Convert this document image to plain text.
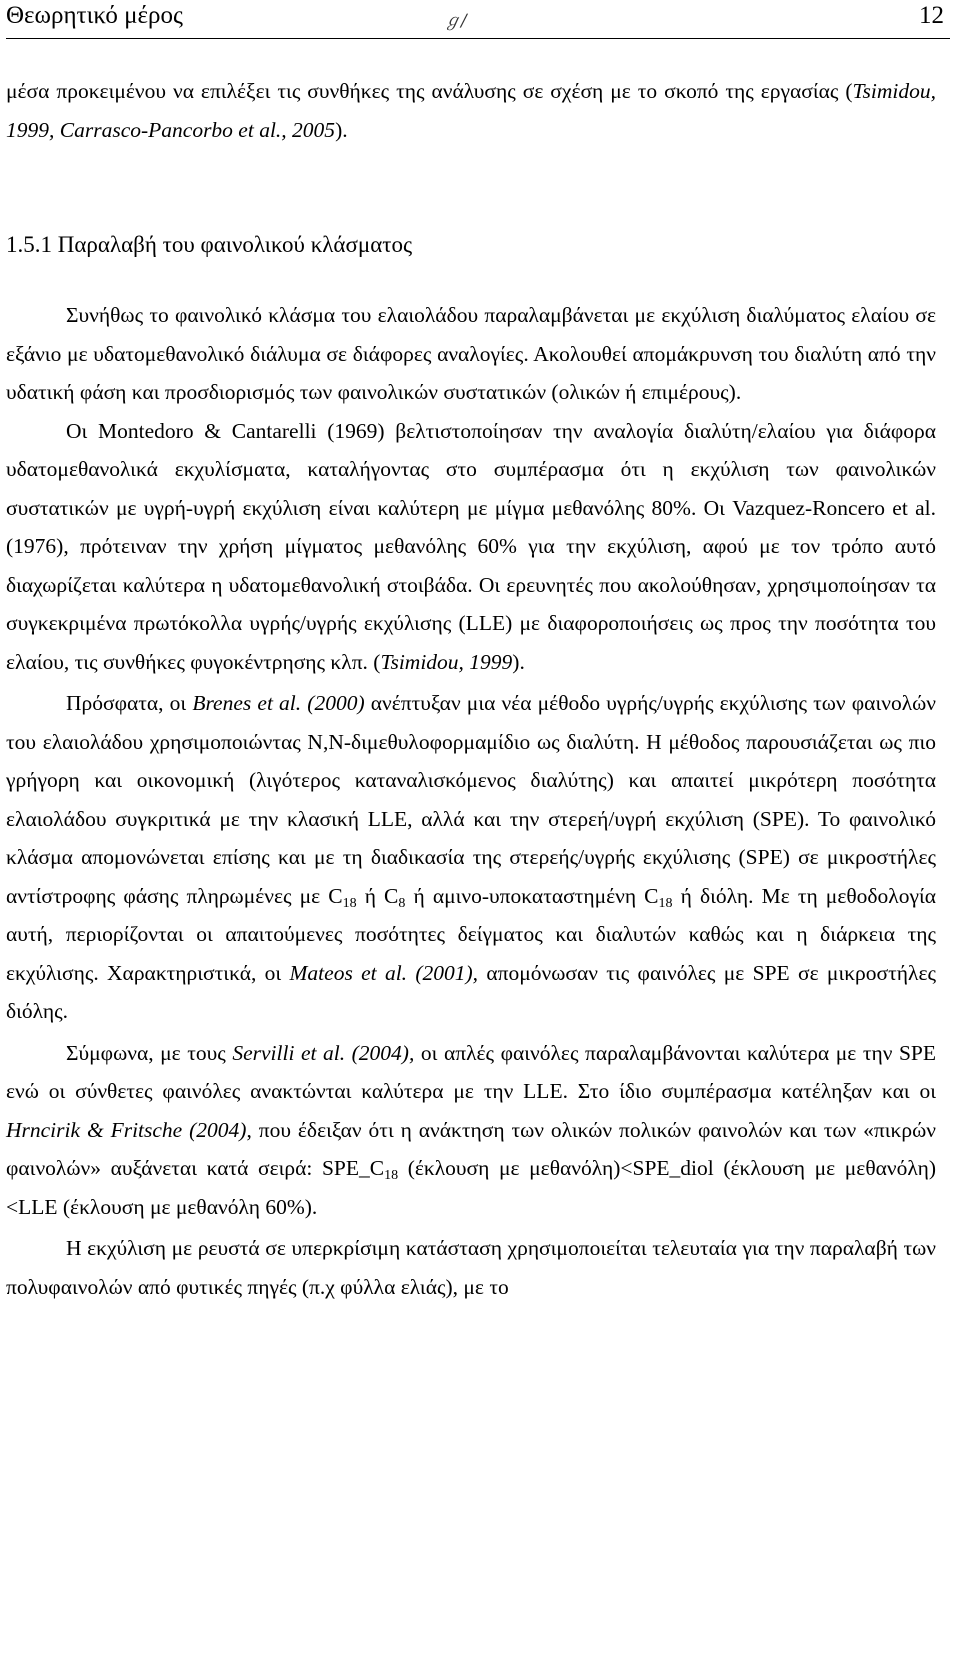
Θεωρητικό μέρος	ℊ∕	12

μέσα προκειμένου να επιλέξει τις συνθήκες της ανάλυσης σε σχέση με το σκοπό της εργασίας (Tsimidou, 1999, Carrasco-Pancorbo et al., 2005).

1.5.1 Παραλαβή του φαινολικού κλάσματος

Συνήθως το φαινολικό κλάσμα του ελαιολάδου παραλαμβάνεται με εκχύλιση διαλύματος ελαίου σε εξάνιο με υδατομεθανολικό διάλυμα σε διάφορες αναλογίες. Ακολουθεί απομάκρυνση του διαλύτη από την υδατική φάση και προσδιορισμός των φαινολικών συστατικών (ολικών ή επιμέρους).

Οι Montedoro & Cantarelli (1969) βελτιστοποίησαν την αναλογία διαλύτη/ελαίου για διάφορα υδατομεθανολικά εκχυλίσματα, καταλήγοντας στο συμπέρασμα ότι η εκχύλιση των φαινολικών συστατικών με υγρή-υγρή εκχύλιση είναι καλύτερη με μίγμα μεθανόλης 80%. Οι Vazquez-Roncero et al. (1976), πρότειναν την χρήση μίγματος μεθανόλης 60% για την εκχύλιση, αφού με τον τρόπο αυτό διαχωρίζεται καλύτερα η υδατομεθανολική στοιβάδα. Οι ερευνητές που ακολούθησαν, χρησιμοποίησαν τα συγκεκριμένα πρωτόκολλα υγρής/υγρής εκχύλισης (LLE) με διαφοροποιήσεις ως προς την ποσότητα του ελαίου, τις συνθήκες φυγοκέντρησης κλπ. (Tsimidou, 1999).

Πρόσφατα, οι Brenes et al. (2000) ανέπτυξαν μια νέα μέθοδο υγρής/υγρής εκχύλισης των φαινολών του ελαιολάδου χρησιμοποιώντας N,N-διμεθυλοφορμαμίδιο ως διαλύτη. Η μέθοδος παρουσιάζεται ως πιο γρήγορη και οικονομική (λιγότερος καταναλισκόμενος διαλύτης) και απαιτεί μικρότερη ποσότητα ελαιολάδου συγκριτικά με την κλασική LLE, αλλά και την στερεή/υγρή εκχύλιση (SPE). Το φαινολικό κλάσμα απομονώνεται επίσης και με τη διαδικασία της στερεής/υγρής εκχύλισης (SPE) σε μικροστήλες αντίστροφης φάσης πληρωμένες με $C_{18}$ ή $C_8$ ή αμινο-υποκαταστημένη $C_{18}$ ή διόλη. Με τη μεθοδολογία αυτή, περιορίζονται οι απαιτούμενες ποσότητες δείγματος και διαλυτών καθώς και η διάρκεια της εκχύλισης. Χαρακτηριστικά, οι Mateos et al. (2001), απομόνωσαν τις φαινόλες με SPE σε μικροστήλες διόλης.

Σύμφωνα, με τους Servilli et al. (2004), οι απλές φαινόλες παραλαμβάνονται καλύτερα με την SPE ενώ οι σύνθετες φαινόλες ανακτώνται καλύτερα με την LLE. Στο ίδιο συμπέρασμα κατέληξαν και οι Hrncirik & Fritsche (2004), που έδειξαν ότι η ανάκτηση των ολικών πολικών φαινολών και των «πικρών φαινολών» αυξάνεται κατά σειρά: $SPE\_C_{18}$ (έκλουση με μεθανόλη)<SPE_diol (έκλουση με μεθανόλη)<LLE (έκλουση με μεθανόλη 60%).

Η εκχύλιση με ρευστά σε υπερκρίσιμη κατάσταση χρησιμοποιείται τελευταία για την παραλαβή των πολυφαινολών από φυτικές πηγές (π.χ φύλλα ελιάς), με το
